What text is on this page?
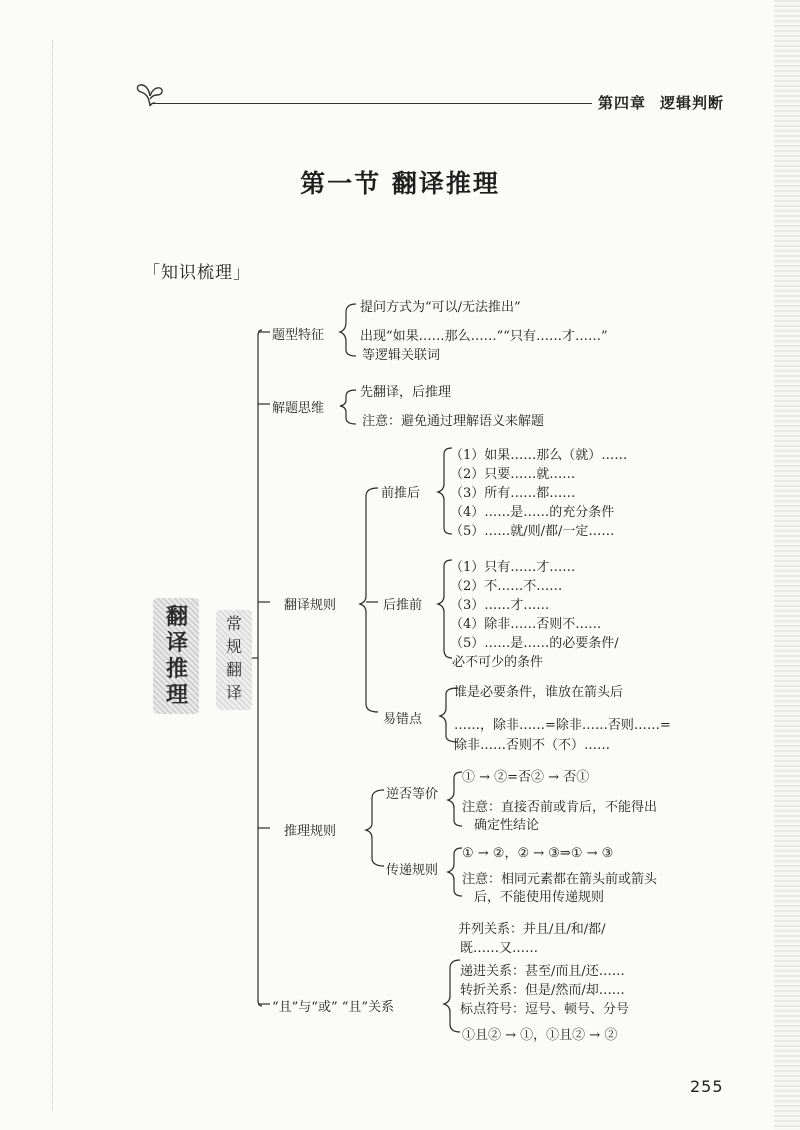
第四章 逻辑判断
第一节 翻译推理
「知识梳理」
翻译推理
常规翻译
题型特征
提问方式为“可以/无法推出”
出现“如果……那么……”“只有……才……”
等逻辑关联词
解题思维
先翻译，后推理
注意：避免通过理解语义来解题
翻译规则
前推后
（1）如果……那么（就）……
（2）只要……就……
（3）所有……都……
（4）……是……的充分条件
（5）……就/则/都/一定……
后推前
（1）只有……才……
（2）不……不……
（3）……才……
（4）除非……否则不……
（5）……是……的必要条件/
必不可少的条件
易错点
谁是必要条件，谁放在箭头后
……，除非……=除非……否则……=
除非……否则不（不）……
推理规则
逆否等价
① → ②=否② → 否①
注意：直接否前或肯后，不能得出
确定性结论
传递规则
① → ②，② → ③⇒① → ③
注意：相同元素都在箭头前或箭头
后，不能使用传递规则
“且”与“或” “且”关系
并列关系：并且/且/和/都/
既……又……
递进关系：甚至/而且/还……
转折关系：但是/然而/却……
标点符号：逗号、顿号、分号
①且② → ①，①且② → ②
255
